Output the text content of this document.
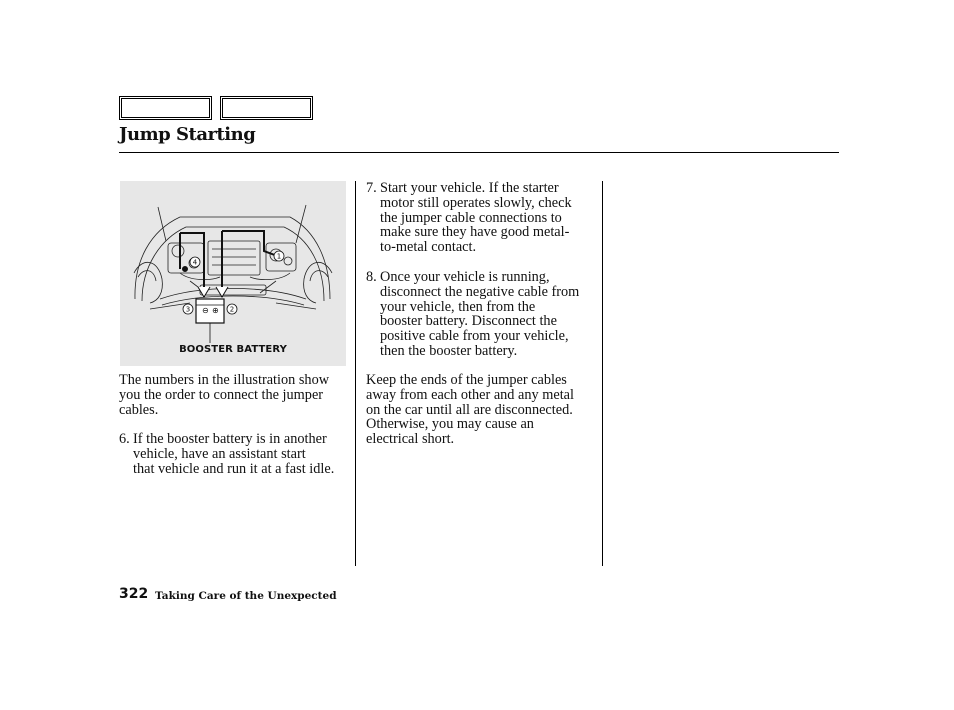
Jump Starting
⊖ ⊕
1
2
3
4
BOOSTER BATTERY
The numbers in the illustration show
you the order to connect the jumper
cables.
6. If the booster battery is in another
vehicle, have an assistant start
that vehicle and run it at a fast idle.
7. Start your vehicle. If the starter
motor still operates slowly, check
the jumper cable connections to
make sure they have good metal-
to-metal contact.
8. Once your vehicle is running,
disconnect the negative cable from
your vehicle, then from the
booster battery. Disconnect the
positive cable from your vehicle,
then the booster battery.
Keep the ends of the jumper cables
away from each other and any metal
on the car until all are disconnected.
Otherwise, you may cause an
electrical short.
322 Taking Care of the Unexpected
